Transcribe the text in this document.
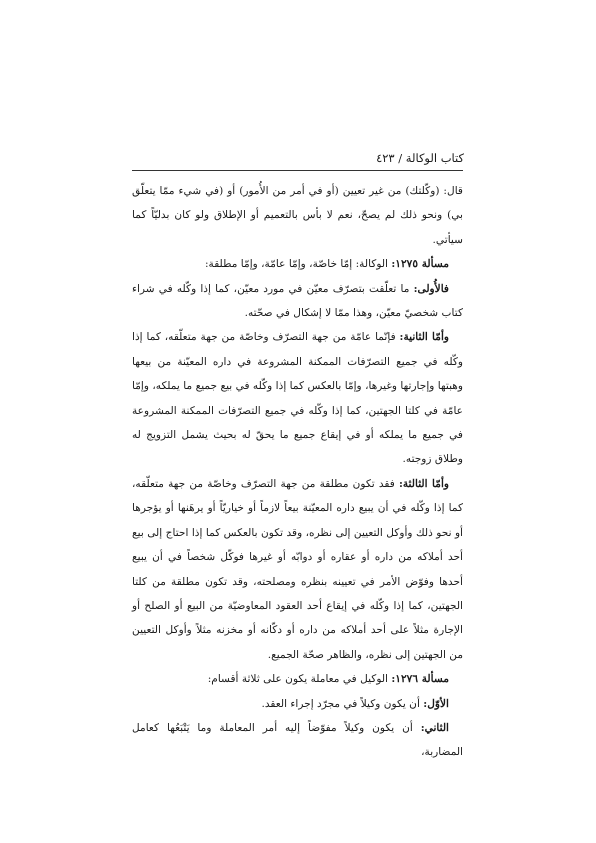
كتاب الوكالة / ٤٢٣

قال: (وكّلتك) من غير تعيين (أو في أمر من الأُمور) أو (في شيء ممّا يتعلّق بي) ونحو ذلك لم يصحّ، نعم لا بأس بالتعميم أو الإطلاق ولو كان بدليّاً كما سيأتي.

مسألة ١٢٧٥: الوكالة: إمّا خاصّة، وإمّا عامّة، وإمّا مطلقة:

فالأُولى: ما تعلّقت بتصرّف معيّن في مورد معيّن، كما إذا وكّله في شراء كتاب شخصيّ معيّن، وهذا ممّا لا إشكال في صحّته.

وأمّا الثانية: فإنّما عامّة من جهة التصرّف وخاصّة من جهة متعلّقه، كما إذا وكّله في جميع التصرّفات الممكنة المشروعة في داره المعيّنة من بيعها وهبتها وإجارتها وغيرها، وإمّا بالعكس كما إذا وكّله في بيع جميع ما يملكه، وإمّا عامّة في كلتا الجهتين، كما إذا وكّله في جميع التصرّفات الممكنة المشروعة في جميع ما يملكه أو في إيقاع جميع ما يحقّ له بحيث يشمل التزويج له وطلاق زوجته.

وأمّا الثالثة: فقد تكون مطلقة من جهة التصرّف وخاصّة من جهة متعلّقه، كما إذا وكّله في أن يبيع داره المعيّنة بيعاً لازماً أو خياريّاً أو يرهَنها أو يؤجرها أو نحو ذلك وأوكل التعيين إلى نظره، وقد تكون بالعكس كما إذا احتاج إلى بيع أحد أملاكه من داره أو عقاره أو دوابّه أو غيرها فوكّل شخصاً في أن يبيع أحدها وفوّض الأمر في تعيينه بنظره ومصلحته، وقد تكون مطلقة من كلتا الجهتين، كما إذا وكّله في إيقاع أحد العقود المعاوضيّة من البيع أو الصلح أو الإجارة مثلاً على أحد أملاكه من داره أو دكّانه أو مخزنه مثلاً وأوكل التعيين من الجهتين إلى نظره، والظاهر صحّة الجميع.

مسألة ١٢٧٦: الوكيل في معاملة يكون على ثلاثة أقسام:

الأوّل: أن يكون وكيلاً في مجرّد إجراء العقد.

الثاني: أن يكون وكيلاً مفوّضاً إليه أمر المعاملة وما يَتْبَعُها كعامل المضاربة،
